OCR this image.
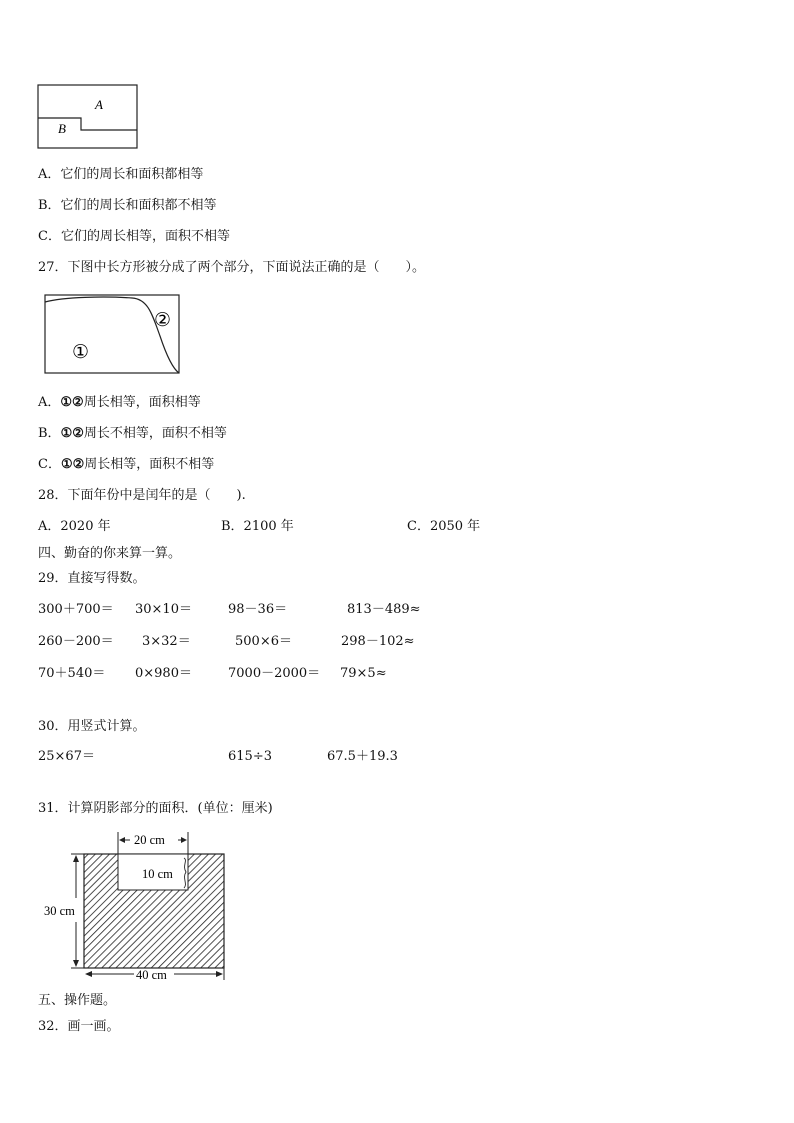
A
B
A．它们的周长和面积都相等
B．它们的周长和面积都不相等
C．它们的周长相等，面积不相等
27．下图中长方形被分成了两个部分，下面说法正确的是（　　）。
①
②
A．①②周长相等，面积相等
B．①②周长不相等，面积不相等
C．①②周长相等，面积不相等
28．下面年份中是闰年的是（　　).
A．2020 年	B．2100 年	C．2050 年
四、勤奋的你来算一算。
29．直接写得数。
300＋700＝ 30×10＝	98－36＝	813－489≈
260－200＝ 3×32＝	500×6＝	298－102≈
70＋540＝ 0×980＝	7000－2000＝ 79×5≈
30．用竖式计算。
25×67＝	615÷3	67.5＋19.3
31．计算阴影部分的面积．(单位：厘米)
20 cm
10 cm
30 cm
40 cm
五、操作题。
32．画一画。
